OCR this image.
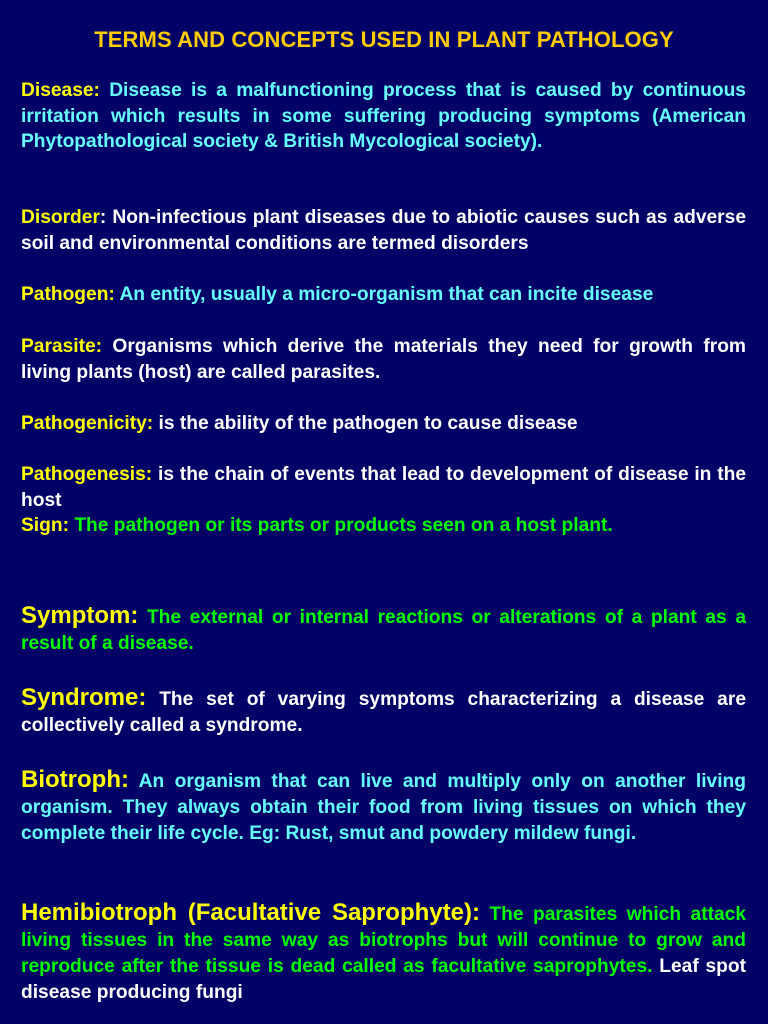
TERMS AND CONCEPTS USED IN PLANT PATHOLOGY
Disease: Disease is a malfunctioning process that is caused by continuous irritation which results in some suffering producing symptoms (American Phytopathological society & British Mycological society).
Disorder: Non-infectious plant diseases due to abiotic causes such as adverse soil and environmental conditions are termed disorders
Pathogen: An entity, usually a micro-organism that can incite disease
Parasite: Organisms which derive the materials they need for growth from living plants (host) are called parasites.
Pathogenicity: is the ability of the pathogen to cause disease
Pathogenesis: is the chain of events that lead to development of disease in the host
Sign: The pathogen or its parts or products seen on a host plant.
Symptom: The external or internal reactions or alterations of a plant as a result of a disease.
Syndrome: The set of varying symptoms characterizing a disease are collectively called a syndrome.
Biotroph: An organism that can live and multiply only on another living organism. They always obtain their food from living tissues on which they complete their life cycle. Eg: Rust, smut and powdery mildew fungi.
Hemibiotroph (Facultative Saprophyte): The parasites which attack living tissues in the same way as biotrophs but will continue to grow and reproduce after the tissue is dead called as facultative saprophytes. Leaf spot disease producing fungi
